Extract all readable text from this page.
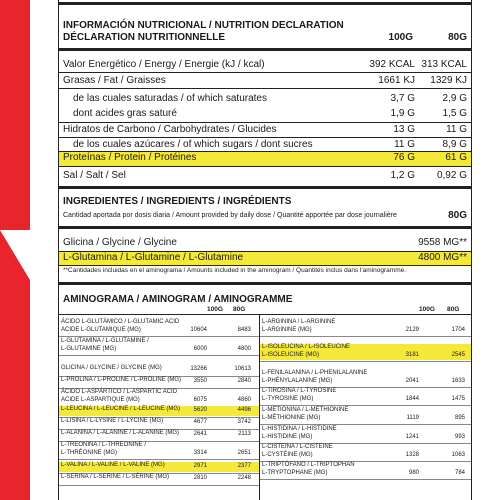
INFORMACIÓN NUTRICIONAL / NUTRITION DECLARATION
DÉCLARATION NUTRITIONNELLE	100G	80G
Valor Energético / Energy / Energie (kJ / kcal)	392 KCAL 313 KCAL
Grasas / Fat / Graisses	1661 KJ 1329 KJ
de las cuales saturadas / of which saturates	3,7 G	2,9 G
dont acides gras saturé	1,9 G	1,5 G
Hidratos de Carbono / Carbohydrates / Glucides	13 G	11 G
de los cuales azúcares / of which sugars / dont sucres	11 G	8,9 G
Proteínas / Protein / Protéines	76 G	61 G
Sal / Salt / Sel	1,2 G 0,92 G
INGREDIENTES / INGREDIENTS / INGRÉDIENTS
Cantidad aportada por dosis diaria / Amount provided by daily dose / Quantité apportée par dose journalière	80G
Glicina / Glycine / Glycine	9558 MG**
L-Glutamina / L-Glutamine / L-Glutamine	4800 MG**
**Cantidades incluidas en el aminograma / Amounts included in the aminogram / Quantités inclus dans l'aminogramme.
AMINOGRAMA / AMINOGRAM / AMINOGRAMME
100G 80G	100G 80G
ÁCIDO L-GLUTÁMICO / L-GLUTAMIC ACID
ACIDE L-GLUTAMIQUE (MG)	10604	8483
L-GLUTAMINA / L-GLUTAMINE /
L-GLUTAMINE (MG)	6000	4800
GLICINA / GLYCINE / GLYCINE (MG)	13266	10613
L-PROLINA / L-PROLINE / L-PROLINE (MG) 3550	2840
ÁCIDO L-ASPÁRTICO / L-ASPARTIC ACID
ACIDE L-ASPARTIQUE (MG)	6075	4860
L-LEUCINA / L-LEUCINE / L-LEUCINE (MG) 5620	4496
L-LISINA / L-LYSINE / L-LYCINE (MG)	4677	3742
L-ALANINA / L-ALANINE / L-ALANINE (MG) 2641	2113
L-TREONINA / L-THREONINE /
L-THRÉONINE (MG)	3314	2651
L-VALINA / L-VALINE / L-VALINE (MG)	2971	2377
L-SERINA / L-SERINE / L-SÉRINE (MG)	2810	2248
L-ARGININA / L-ARGININE
L-ARGININE (MG)	2129	1704
L-ISOLEUCINA / L-ISOLEUCINE
L-ISOLEUCINE (MG)	3181	2545
L-FENILALANINA / L-PHENILALANINE
L-PHÉNYLALANINE (MG)	2041	1633
L-TIROSINA / L-TYROSINE
L-TYROSINE (MG)	1844	1475
L-METIONINA / L-METHIONINE
L-MÉTHIONINE (MG)	1119	895
L-HISTIDINA / L-HISTIDINE
L-HISTIDINE (MG)	1241	993
L-CISTEINA / L-CISTEINE
L-CYSTÉINE (MG)	1328	1063
L-TRIPTÓFANO / L-TRIPTOPHAN
L-TRYPTOPHANE (MG)	980	784
